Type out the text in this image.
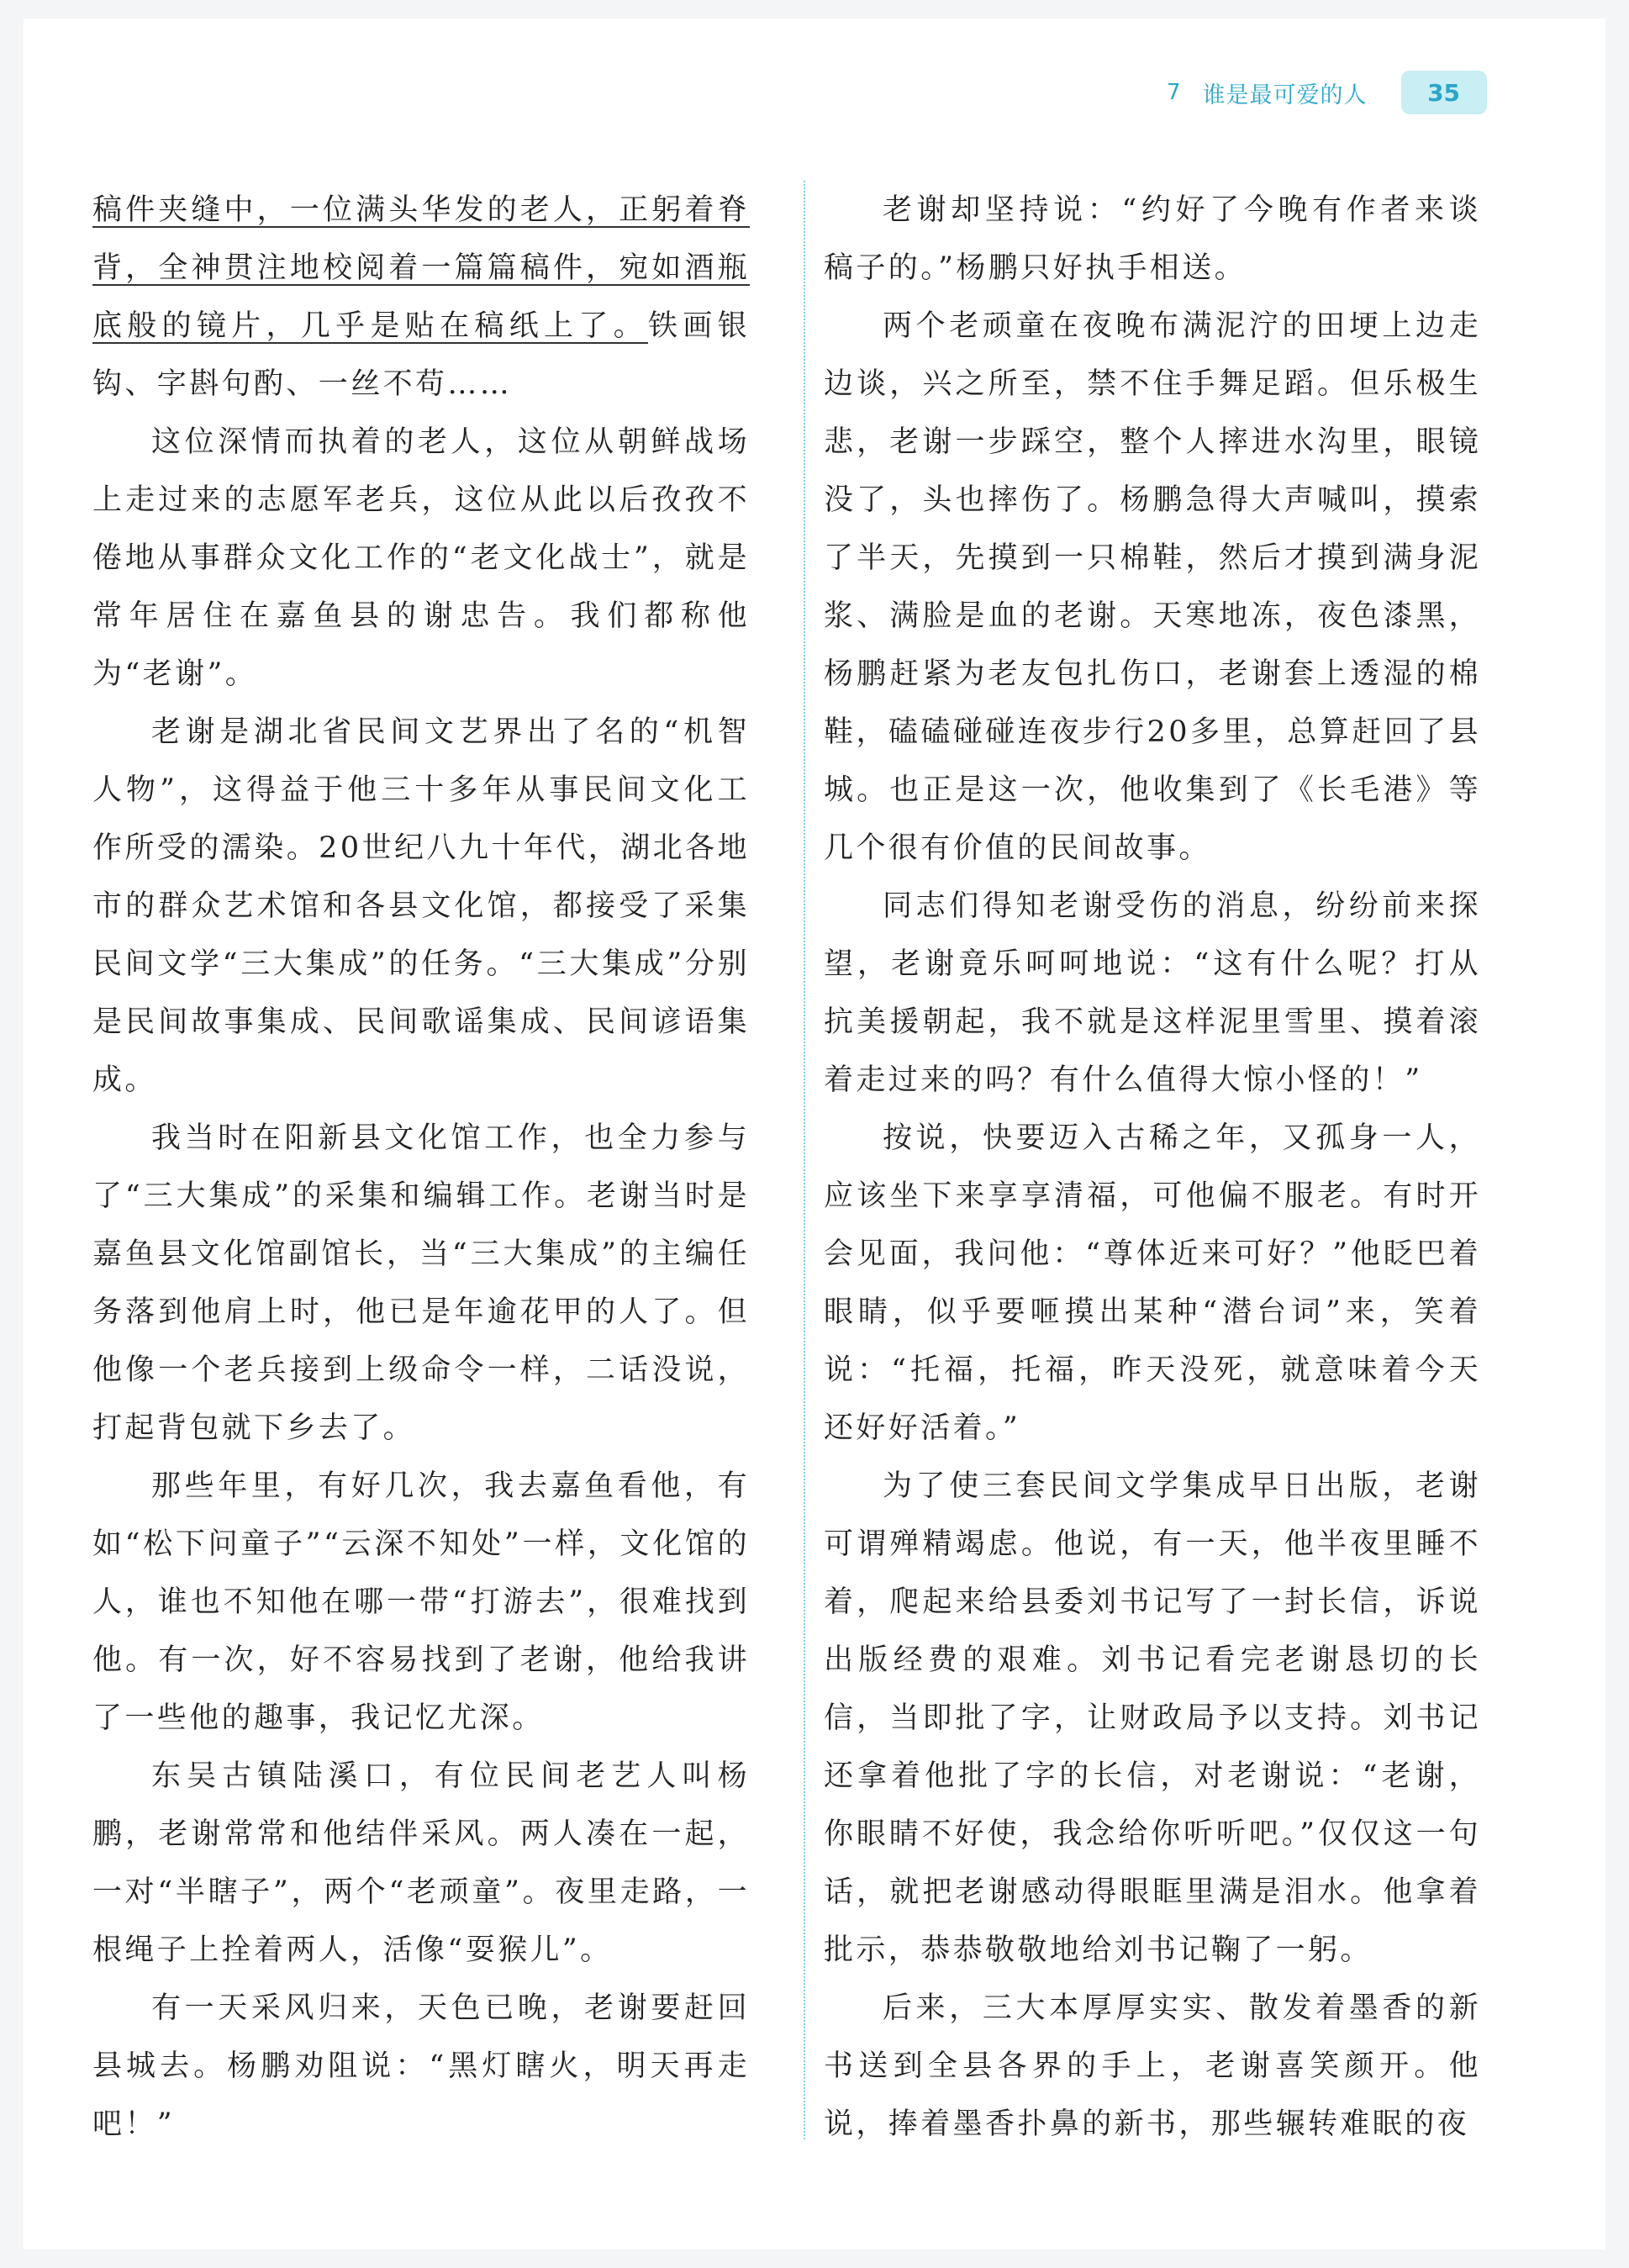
7 谁是最可爱的人	35

稿件夹缝中，一位满头华发的老人，正躬着脊背，全神贯注地校阅着一篇篇稿件，宛如酒瓶底般的镜片，几乎是贴在稿纸上了。铁画银钩、字斟句酌、一丝不苟……

这位深情而执着的老人，这位从朝鲜战场上走过来的志愿军老兵，这位从此以后孜孜不倦地从事群众文化工作的“老文化战士”，就是常年居住在嘉鱼县的谢忠告。我们都称他为“老谢”。

老谢是湖北省民间文艺界出了名的“机智人物”，这得益于他三十多年从事民间文化工作所受的濡染。20世纪八九十年代，湖北各地市的群众艺术馆和各县文化馆，都接受了采集民间文学“三大集成”的任务。“三大集成”分别是民间故事集成、民间歌谣集成、民间谚语集成。

我当时在阳新县文化馆工作，也全力参与了“三大集成”的采集和编辑工作。老谢当时是嘉鱼县文化馆副馆长，当“三大集成”的主编任务落到他肩上时，他已是年逾花甲的人了。但他像一个老兵接到上级命令一样，二话没说，打起背包就下乡去了。

那些年里，有好几次，我去嘉鱼看他，有如“松下问童子”“云深不知处”一样，文化馆的人，谁也不知他在哪一带“打游去”，很难找到他。有一次，好不容易找到了老谢，他给我讲了一些他的趣事，我记忆尤深。

东吴古镇陆溪口，有位民间老艺人叫杨鹏，老谢常常和他结伴采风。两人凑在一起，一对“半瞎子”，两个“老顽童”。夜里走路，一根绳子上拴着两人，活像“耍猴儿”。

有一天采风归来，天色已晚，老谢要赶回县城去。杨鹏劝阻说：“黑灯瞎火，明天再走吧！”

老谢却坚持说：“约好了今晚有作者来谈稿子的。”杨鹏只好执手相送。

两个老顽童在夜晚布满泥泞的田埂上边走边谈，兴之所至，禁不住手舞足蹈。但乐极生悲，老谢一步踩空，整个人摔进水沟里，眼镜没了，头也摔伤了。杨鹏急得大声喊叫，摸索了半天，先摸到一只棉鞋，然后才摸到满身泥浆、满脸是血的老谢。天寒地冻，夜色漆黑，杨鹏赶紧为老友包扎伤口，老谢套上透湿的棉鞋，磕磕碰碰连夜步行20多里，总算赶回了县城。也正是这一次，他收集到了《长毛港》等几个很有价值的民间故事。

同志们得知老谢受伤的消息，纷纷前来探望，老谢竟乐呵呵地说：“这有什么呢？打从抗美援朝起，我不就是这样泥里雪里、摸着滚着走过来的吗？有什么值得大惊小怪的！”

按说，快要迈入古稀之年，又孤身一人，应该坐下来享享清福，可他偏不服老。有时开会见面，我问他：“尊体近来可好？”他眨巴着眼睛，似乎要咂摸出某种“潜台词”来，笑着说：“托福，托福，昨天没死，就意味着今天还好好活着。”

为了使三套民间文学集成早日出版，老谢可谓殚精竭虑。他说，有一天，他半夜里睡不着，爬起来给县委刘书记写了一封长信，诉说出版经费的艰难。刘书记看完老谢恳切的长信，当即批了字，让财政局予以支持。刘书记还拿着他批了字的长信，对老谢说：“老谢，你眼睛不好使，我念给你听听吧。”仅仅这一句话，就把老谢感动得眼眶里满是泪水。他拿着批示，恭恭敬敬地给刘书记鞠了一躬。

后来，三大本厚厚实实、散发着墨香的新书送到全县各界的手上，老谢喜笑颜开。他说，捧着墨香扑鼻的新书，那些辗转难眠的夜
